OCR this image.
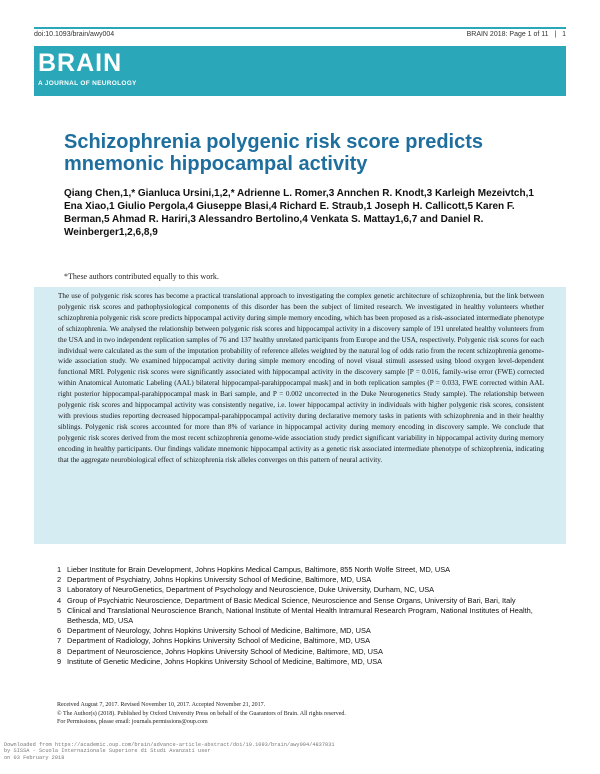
doi:10.1093/brain/awy004	BRAIN 2018: Page 1 of 11 | 1
BRAIN
A JOURNAL OF NEUROLOGY
Schizophrenia polygenic risk score predicts mnemonic hippocampal activity
Qiang Chen,1,* Gianluca Ursini,1,2,* Adrienne L. Romer,3 Annchen R. Knodt,3 Karleigh Mezeivtch,1 Ena Xiao,1 Giulio Pergola,4 Giuseppe Blasi,4 Richard E. Straub,1 Joseph H. Callicott,5 Karen F. Berman,5 Ahmad R. Hariri,3 Alessandro Bertolino,4 Venkata S. Mattay1,6,7 and Daniel R. Weinberger1,2,6,8,9
*These authors contributed equally to this work.
The use of polygenic risk scores has become a practical translational approach to investigating the complex genetic architecture of schizophrenia, but the link between polygenic risk scores and pathophysiological components of this disorder has been the subject of limited research. We investigated in healthy volunteers whether schizophrenia polygenic risk score predicts hippocampal activity during simple memory encoding, which has been proposed as a risk-associated intermediate phenotype of schizophrenia. We analysed the relationship between polygenic risk scores and hippocampal activity in a discovery sample of 191 unrelated healthy volunteers from the USA and in two independent replication samples of 76 and 137 healthy unrelated participants from Europe and the USA, respectively. Polygenic risk scores for each individual were calculated as the sum of the imputation probability of reference alleles weighted by the natural log of odds ratio from the recent schizophrenia genome-wide association study. We examined hippocampal activity during simple memory encoding of novel visual stimuli assessed using blood oxygen level-dependent functional MRI. Polygenic risk scores were significantly associated with hippocampal activity in the discovery sample [P = 0.016, family-wise error (FWE) corrected within Anatomical Automatic Labeling (AAL) bilateral hippocampal-parahippocampal mask] and in both replication samples (P = 0.033, FWE corrected within AAL right posterior hippocampal-parahippocampal mask in Bari sample, and P = 0.002 uncorrected in the Duke Neurogenetics Study sample). The relationship between polygenic risk scores and hippocampal activity was consistently negative, i.e. lower hippocampal activity in individuals with higher polygenic risk scores, consistent with previous studies reporting decreased hippocampal-parahippocampal activity during declarative memory tasks in patients with schizophrenia and in their healthy siblings. Polygenic risk scores accounted for more than 8% of variance in hippocampal activity during memory encoding in discovery sample. We conclude that polygenic risk scores derived from the most recent schizophrenia genome-wide association study predict significant variability in hippocampal activity during memory encoding in healthy participants. Our findings validate mnemonic hippocampal activity as a genetic risk associated intermediate phenotype of schizophrenia, indicating that the aggregate neurobiological effect of schizophrenia risk alleles converges on this pattern of neural activity.
1 Lieber Institute for Brain Development, Johns Hopkins Medical Campus, Baltimore, 855 North Wolfe Street, MD, USA
2 Department of Psychiatry, Johns Hopkins University School of Medicine, Baltimore, MD, USA
3 Laboratory of NeuroGenetics, Department of Psychology and Neuroscience, Duke University, Durham, NC, USA
4 Group of Psychiatric Neuroscience, Department of Basic Medical Science, Neuroscience and Sense Organs, University of Bari, Bari, Italy
5 Clinical and Translational Neuroscience Branch, National Institute of Mental Health Intramural Research Program, National Institutes of Health, Bethesda, MD, USA
6 Department of Neurology, Johns Hopkins University School of Medicine, Baltimore, MD, USA
7 Department of Radiology, Johns Hopkins University School of Medicine, Baltimore, MD, USA
8 Department of Neuroscience, Johns Hopkins University School of Medicine, Baltimore, MD, USA
9 Institute of Genetic Medicine, Johns Hopkins University School of Medicine, Baltimore, MD, USA
Received August 7, 2017. Revised November 10, 2017. Accepted November 21, 2017.
© The Author(s) (2018). Published by Oxford University Press on behalf of the Guarantors of Brain. All rights reserved.
For Permissions, please email: journals.permissions@oup.com
Downloaded from https://academic.oup.com/brain/advance-article-abstract/doi/10.1093/brain/awy004/4837031
by SISSA - Scuola Internazionale Superiore di Studi Avanzati user
on 03 February 2018
